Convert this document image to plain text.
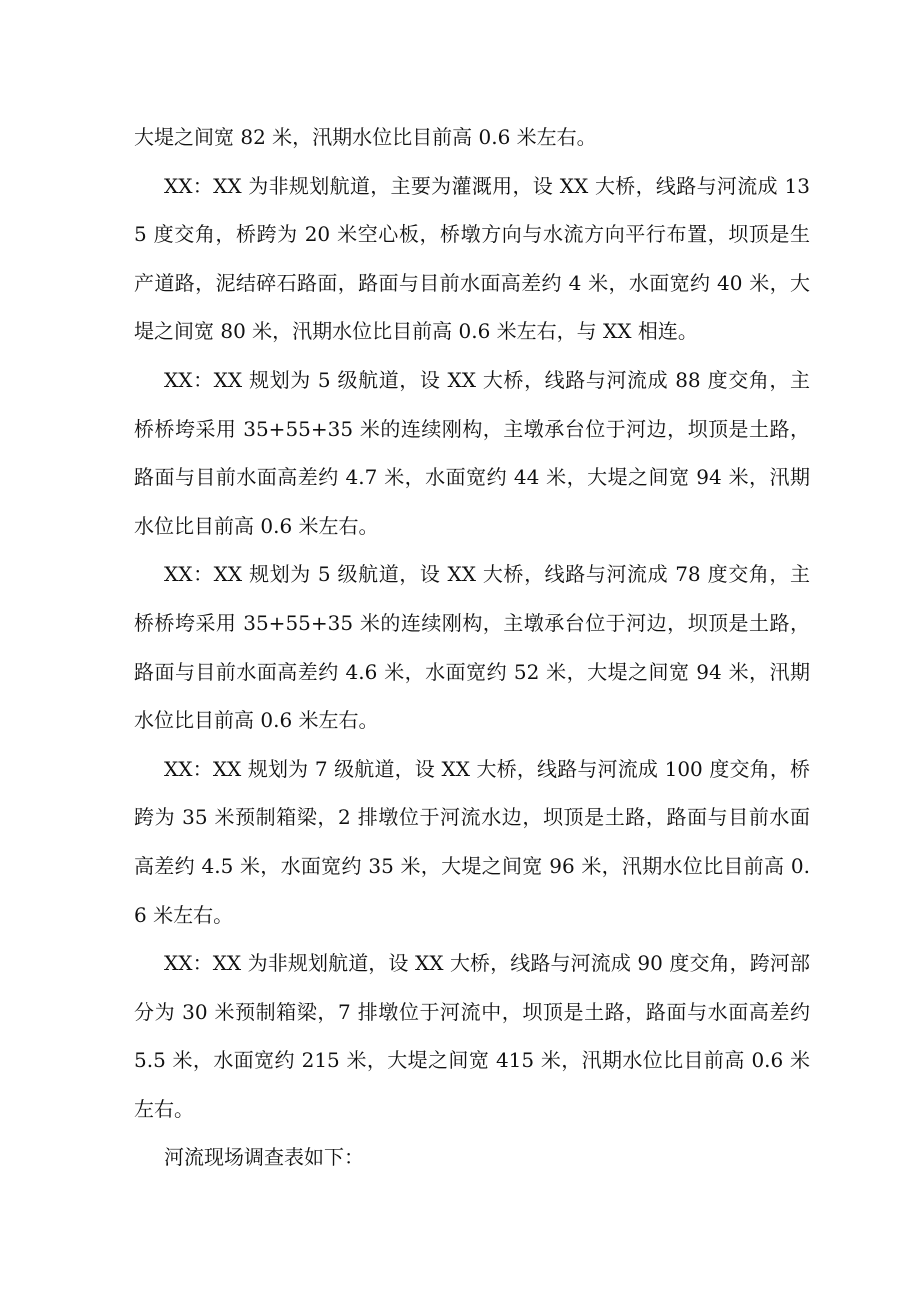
大堤之间宽 82 米，汛期水位比目前高 0.6 米左右。

XX：XX 为非规划航道，主要为灌溉用，设 XX 大桥，线路与河流成 135 度交角，桥跨为 20 米空心板，桥墩方向与水流方向平行布置，坝顶是生产道路，泥结碎石路面，路面与目前水面高差约 4 米，水面宽约 40 米，大堤之间宽 80 米，汛期水位比目前高 0.6 米左右，与 XX 相连。

XX：XX 规划为 5 级航道，设 XX 大桥，线路与河流成 88 度交角，主桥桥垮采用 35+55+35 米的连续刚构，主墩承台位于河边，坝顶是土路，路面与目前水面高差约 4.7 米，水面宽约 44 米，大堤之间宽 94 米，汛期水位比目前高 0.6 米左右。

XX：XX 规划为 5 级航道，设 XX 大桥，线路与河流成 78 度交角，主桥桥垮采用 35+55+35 米的连续刚构，主墩承台位于河边，坝顶是土路，路面与目前水面高差约 4.6 米，水面宽约 52 米，大堤之间宽 94 米，汛期水位比目前高 0.6 米左右。

XX：XX 规划为 7 级航道，设 XX 大桥，线路与河流成 100 度交角，桥跨为 35 米预制箱梁，2 排墩位于河流水边，坝顶是土路，路面与目前水面高差约 4.5 米，水面宽约 35 米，大堤之间宽 96 米，汛期水位比目前高 0.6 米左右。

XX：XX 为非规划航道，设 XX 大桥，线路与河流成 90 度交角，跨河部分为 30 米预制箱梁，7 排墩位于河流中，坝顶是土路，路面与水面高差约 5.5 米，水面宽约 215 米，大堤之间宽 415 米，汛期水位比目前高 0.6 米左右。

河流现场调查表如下：
